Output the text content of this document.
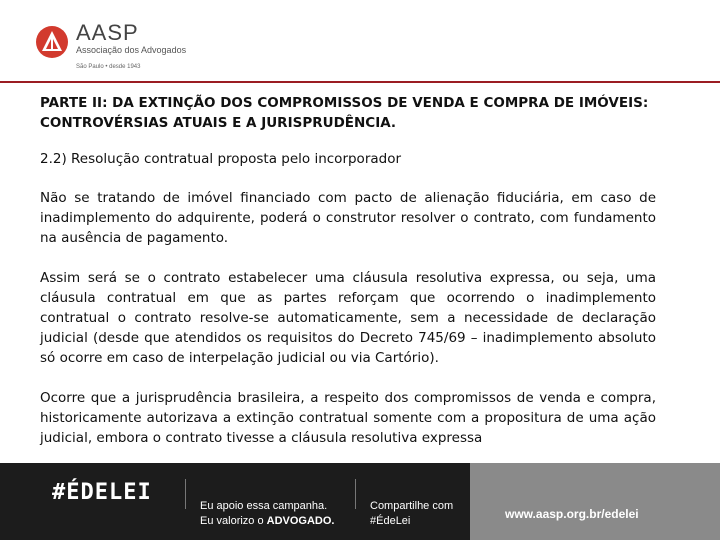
AASP
Associação dos Advogados
São Paulo • desde 1943

PARTE II: DA EXTINÇÃO DOS COMPROMISSOS DE VENDA E COMPRA DE IMÓVEIS: CONTROVÉRSIAS ATUAIS E A JURISPRUDÊNCIA.

2.2) Resolução contratual proposta pelo incorporador

Não se tratando de imóvel financiado com pacto de alienação fiduciária, em caso de inadimplemento do adquirente, poderá o construtor resolver o contrato, com fundamento na ausência de pagamento.

Assim será se o contrato estabelecer uma cláusula resolutiva expressa, ou seja, uma cláusula contratual em que as partes reforçam que ocorrendo o inadimplemento contratual o contrato resolve-se automaticamente, sem a necessidade de declaração judicial (desde que atendidos os requisitos do Decreto 745/69 – inadimplemento absoluto só ocorre em caso de interpelação judicial ou via Cartório).

Ocorre que a jurisprudência brasileira, a respeito dos compromissos de venda e compra, historicamente autorizava a extinção contratual somente com a propositura de uma ação judicial, embora o contrato tivesse a cláusula resolutiva expressa

#ÉDELEI
Eu apoio essa campanha.
Eu valorizo o ADVOGADO.
Compartilhe com
#ÉdeLei	www.aasp.org.br/edelei
